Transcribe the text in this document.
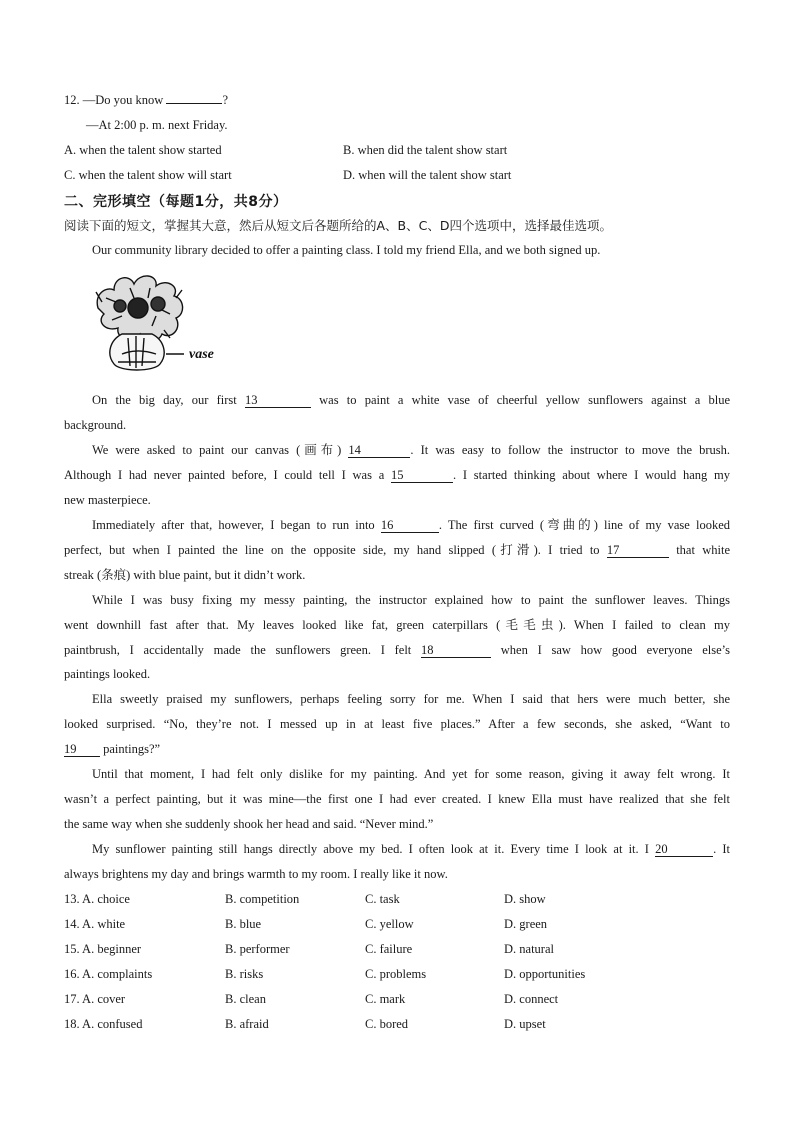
12. —Do you know	?
—At 2:00 p. m. next Friday.
A. when the talent show started	B. when did the talent show start
C. when the talent show will start	D. when will the talent show start
二、完形填空（每题1分，共8分）
阅读下面的短文，掌握其大意，然后从短文后各题所给的A、B、C、D四个选项中，选择最佳选项。
Our community library decided to offer a painting class. I told my friend Ella, and we both signed up.
vase
On the big day, our first 13	was to paint a white vase of cheerful yellow sunflowers against a blue
background.
We were asked to paint our canvas (画布) 14	. It was easy to follow the instructor to move the brush.
Although I had never painted before, I could tell I was a 15	. I started thinking about where I would hang my
new masterpiece.
Immediately after that, however, I began to run into 16	. The first curved (弯曲的) line of my vase looked
perfect, but when I painted the line on the opposite side, my hand slipped (打滑). I tried to 17	that white
streak (条痕) with blue paint, but it didn’t work.
While I was busy fixing my messy painting, the instructor explained how to paint the sunflower leaves. Things
went downhill fast after that. My leaves looked like fat, green caterpillars (毛毛虫). When I failed to clean my
paintbrush, I accidentally made the sunflowers green. I felt 18	when I saw how good everyone else’s
paintings looked.
Ella sweetly praised my sunflowers, perhaps feeling sorry for me. When I said that hers were much better, she
looked surprised. “No, they’re not. I messed up in at least five places.” After a few seconds, she asked, “Want to
19 paintings?”
Until that moment, I had felt only dislike for my painting. And yet for some reason, giving it away felt wrong. It
wasn’t a perfect painting, but it was mine—the first one I had ever created. I knew Ella must have realized that she felt
the same way when she suddenly shook her head and said. “Never mind.”
My sunflower painting still hangs directly above my bed. I often look at it. Every time I look at it. I 20	. It
always brightens my day and brings warmth to my room. I really like it now.
13. A. choice	B. competition	C. task	D. show
14. A. white	B. blue	C. yellow	D. green
15. A. beginner	B. performer	C. failure	D. natural
16. A. complaints	B. risks	C. problems	D. opportunities
17. A. cover	B. clean	C. mark	D. connect
18. A. confused	B. afraid	C. bored	D. upset
